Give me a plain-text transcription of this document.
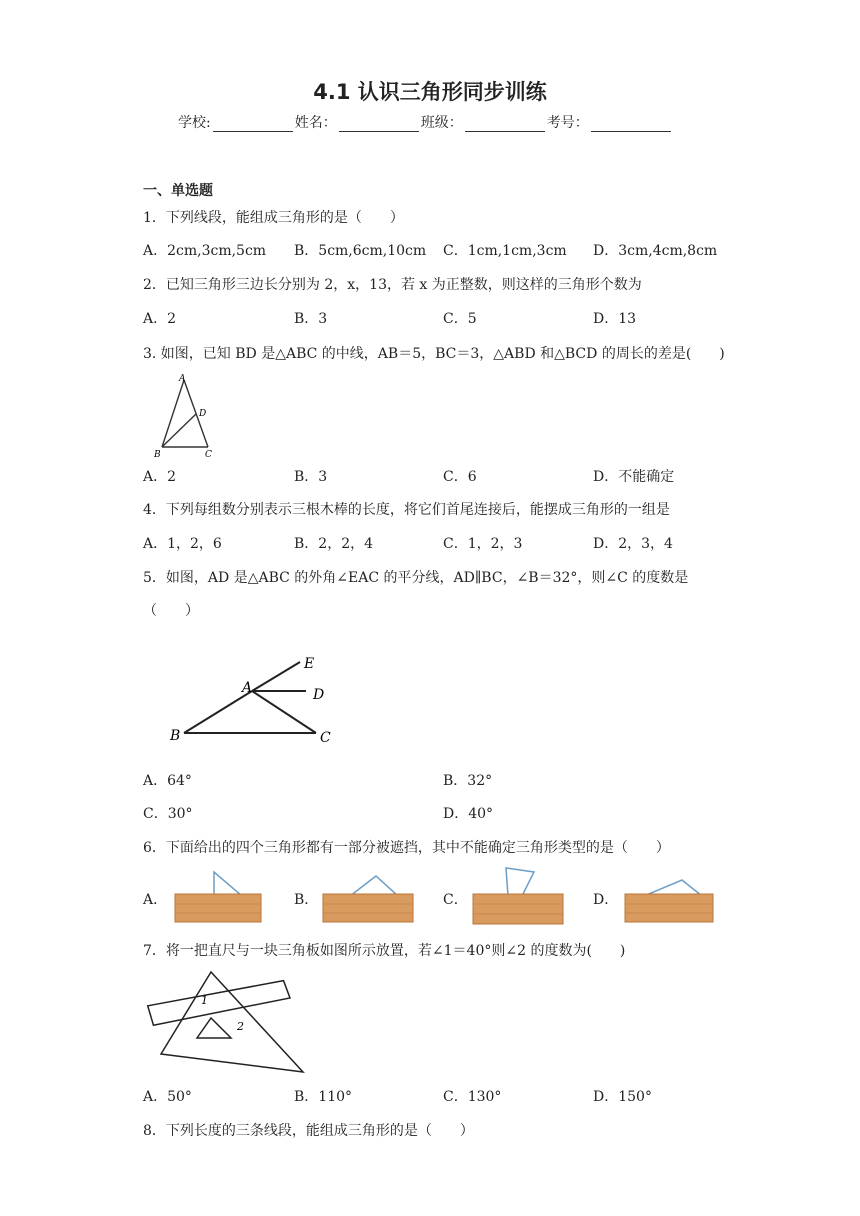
4.1 认识三角形同步训练
学校:	姓名：	班级：	考号：
一、单选题
1．下列线段，能组成三角形的是（　　）
A．2cm,3cm,5cm B．5cm,6cm,10cm C．1cm,1cm,3cm D．3cm,4cm,8cm
2．已知三角形三边长分别为 2，x，13，若 x 为正整数，则这样的三角形个数为
A．2	B．3	C．5	D．13
3. 如图，已知 BD 是△ABC 的中线，AB＝5，BC＝3，△ABD 和△BCD 的周长的差是(　　)
A
D
B	C
A．2	B．3	C．6	D．不能确定
4．下列每组数分别表示三根木棒的长度，将它们首尾连接后，能摆成三角形的一组是
A．1，2，6	B．2，2，4	C．1，2，3	D．2，3，4
5．如图，AD 是△ABC 的外角∠EAC 的平分线，AD∥BC，∠B＝32°，则∠C 的度数是
（　　）
E
A	D
B	C
A．64°	B．32°
C．30°	D．40°
6．下面给出的四个三角形都有一部分被遮挡，其中不能确定三角形类型的是（　　）
A．	B．	C．	D．
7．将一把直尺与一块三角板如图所示放置，若∠1＝40°则∠2 的度数为(　　)
1
2
A．50°	B．110°	C．130°	D．150°
8．下列长度的三条线段，能组成三角形的是（　　）
